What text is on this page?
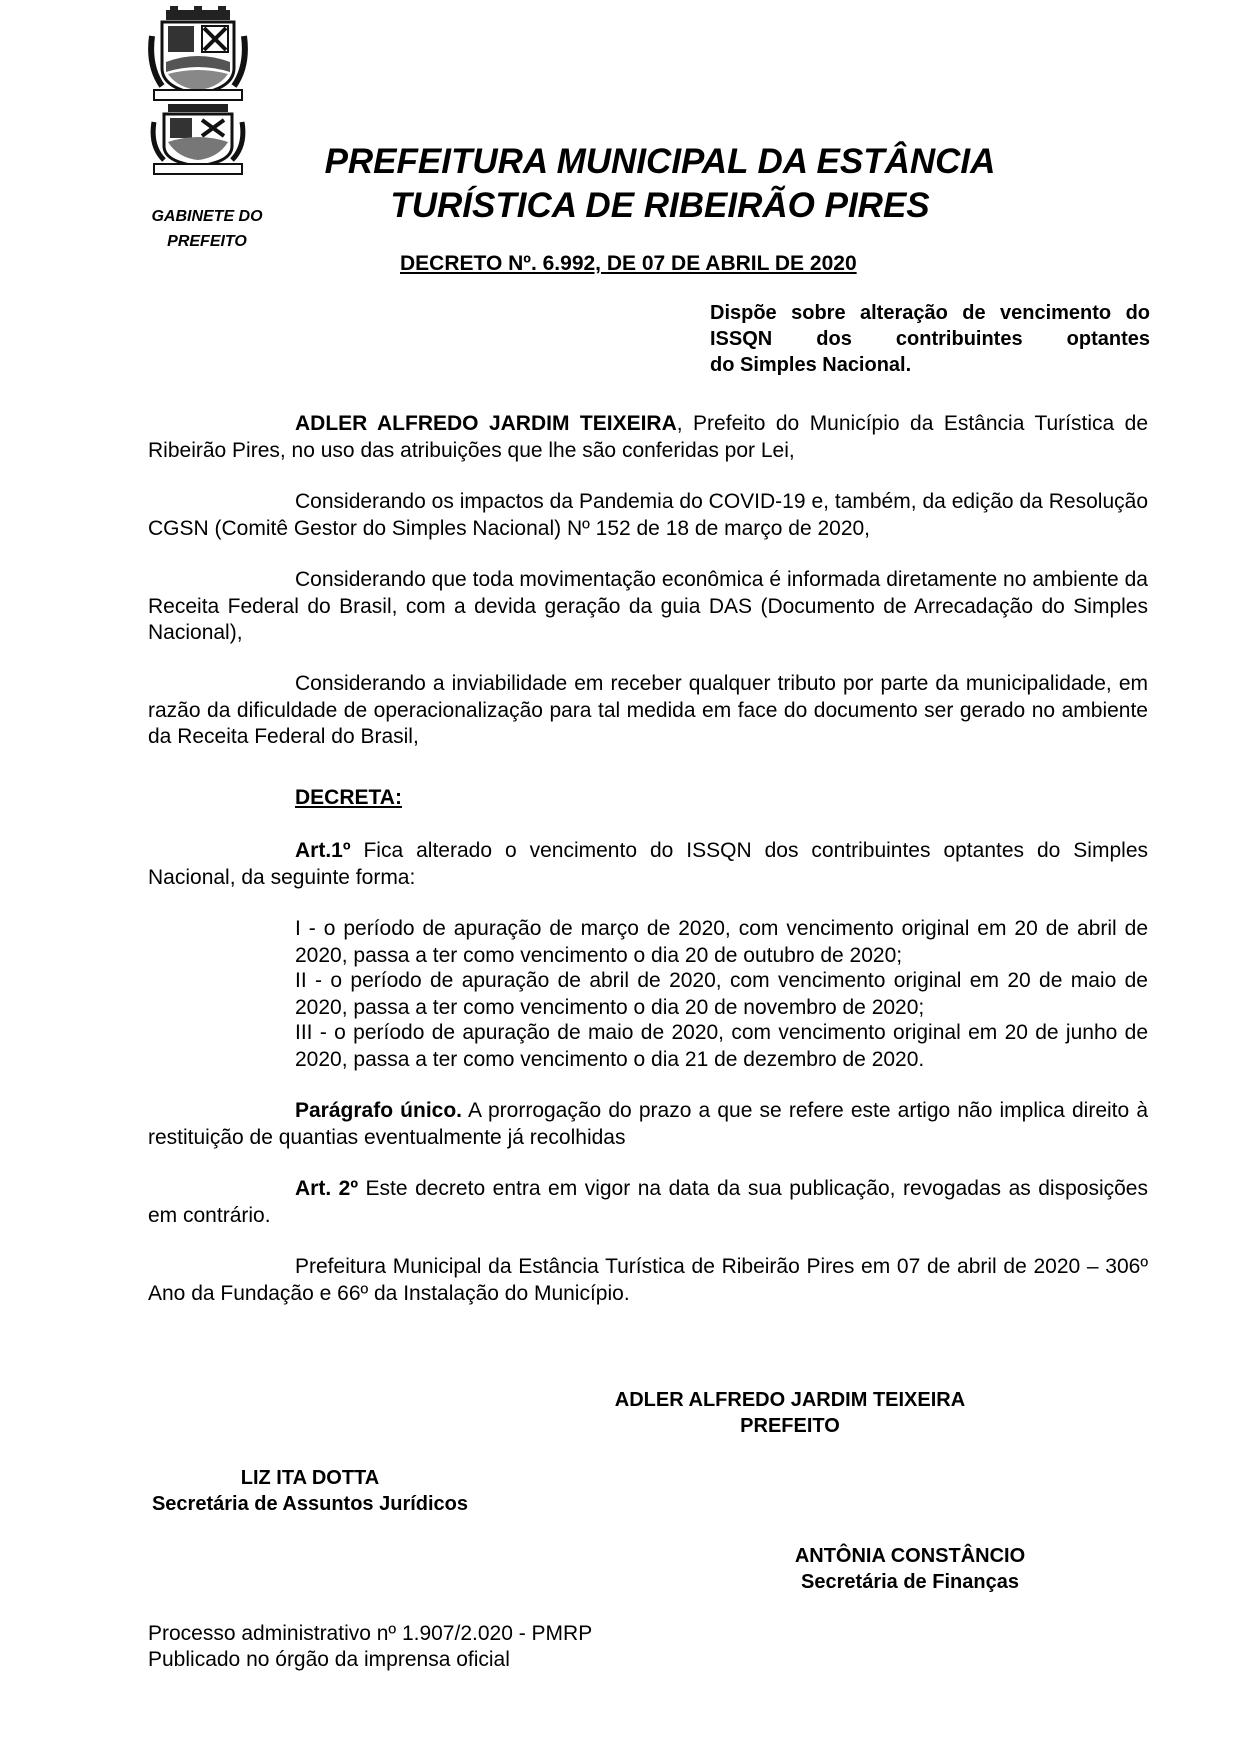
GABINETE DO
PREFEITO
PREFEITURA MUNICIPAL DA ESTÂNCIA
TURÍSTICA DE RIBEIRÃO PIRES
DECRETO Nº. 6.992, DE 07 DE ABRIL DE 2020
Dispõe sobre alteração de vencimento do ISSQN dos contribuintes optantes
do Simples Nacional.
ADLER ALFREDO JARDIM TEIXEIRA, Prefeito do Município da Estância Turística de Ribeirão Pires, no uso das atribuições que lhe são conferidas por Lei,
Considerando os impactos da Pandemia do COVID-19 e, também, da edição da Resolução CGSN (Comitê Gestor do Simples Nacional) Nº 152 de 18 de março de 2020,
Considerando que toda movimentação econômica é informada diretamente no ambiente da Receita Federal do Brasil, com a devida geração da guia DAS (Documento de Arrecadação do Simples Nacional),
Considerando a inviabilidade em receber qualquer tributo por parte da municipalidade, em razão da dificuldade de operacionalização para tal medida em face do documento ser gerado no ambiente da Receita Federal do Brasil,
DECRETA:
Art.1º Fica alterado o vencimento do ISSQN dos contribuintes optantes do Simples Nacional, da seguinte forma:
I - o período de apuração de março de 2020, com vencimento original em 20 de abril de 2020, passa a ter como vencimento o dia 20 de outubro de 2020;
II - o período de apuração de abril de 2020, com vencimento original em 20 de maio de 2020, passa a ter como vencimento o dia 20 de novembro de 2020;
III - o período de apuração de maio de 2020, com vencimento original em 20 de junho de 2020, passa a ter como vencimento o dia 21 de dezembro de 2020.
Parágrafo único. A prorrogação do prazo a que se refere este artigo não implica direito à restituição de quantias eventualmente já recolhidas
Art. 2º Este decreto entra em vigor na data da sua publicação, revogadas as disposições em contrário.
Prefeitura Municipal da Estância Turística de Ribeirão Pires em 07 de abril de 2020 – 306º Ano da Fundação e 66º da Instalação do Município.
ADLER ALFREDO JARDIM TEIXEIRA
PREFEITO
LIZ ITA DOTTA
Secretária de Assuntos Jurídicos
ANTÔNIA CONSTÂNCIO
Secretária de Finanças
Processo administrativo nº 1.907/2.020 - PMRP
Publicado no órgão da imprensa oficial
